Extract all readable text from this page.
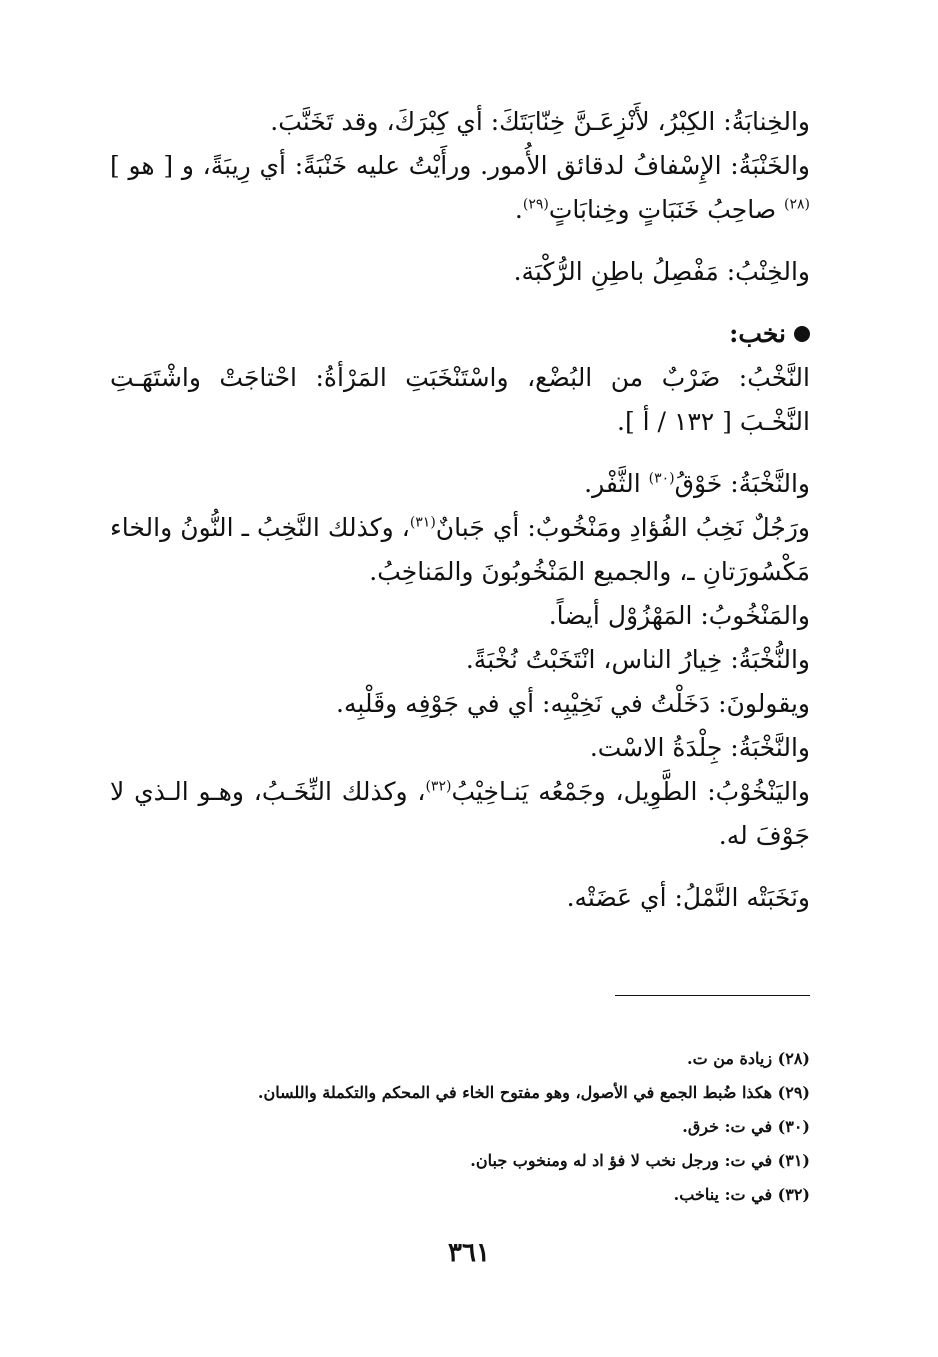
والخِنابَةُ: الكِبْرُ، لأَنْزِعَـنَّ خِنّابَتَكَ: أي كِبْرَكَ، وقد تَخَنَّبَ.

والخَنْبَةُ: الإِسْفافُ لدقائق الأُمور. ورأَيْتُ عليه خَنْبَةً: أي رِيبَةً، و [ هو ]$^{(٢٨)}$ صاحِبُ خَنَبَاتٍ وخِنابَاتٍ$^{(٢٩)}$.

والخِنْبُ: مَفْصِلُ باطِنِ الرُّكْبَة.

نخب:

النَّخْبُ: ضَرْبٌ من البُضْع، واسْتَنْخَبَتِ المَرْأةُ: احْتاجَتْ واشْتَهَـتِ النَّخْـبَ [ ١٣٢ / أ ].

والنَّخْبَةُ: خَوْقُ$^{(٣٠)}$ الثَّفْر.

ورَجُلٌ نَخِبُ الفُؤادِ ومَنْخُوبٌ: أي جَبانٌ$^{(٣١)}$، وكذلك النَّخِبُ ـ النُّونُ والخاء مَكْسُورَتانِ ـ، والجميع المَنْخُوبُونَ والمَناخِبُ.

والمَنْخُوبُ: المَهْزُوْل أيضاً.

والنُّخْبَةُ: خِيارُ الناس، انْتَخَبْتُ نُخْبَةً.

ويقولونَ: دَخَلْتُ في نَخِيْبِه: أي في جَوْفِه وقَلْبِه.

والنَّخْبَةُ: جِلْدَةُ الاسْت.

واليَنْخُوْبُ: الطَّوِيل، وجَمْعُه يَنـاخِيْبُ$^{(٣٢)}$، وكذلك النِّخَـبُ، وهـو الـذي لا جَوْفَ له.

ونَخَبَتْه النَّمْلُ: أي عَضَتْه.

(٢٨) زيادة من ت.

(٢٩) هكذا ضُبط الجمع في الأصول، وهو مفتوح الخاء في المحكم والتكملة واللسان.

(٣٠) في ت: خرق.

(٣١) في ت: ورجل نخب لا فؤ اد له ومنخوب جبان.

(٣٢) في ت: يناخب.

٣٦١
